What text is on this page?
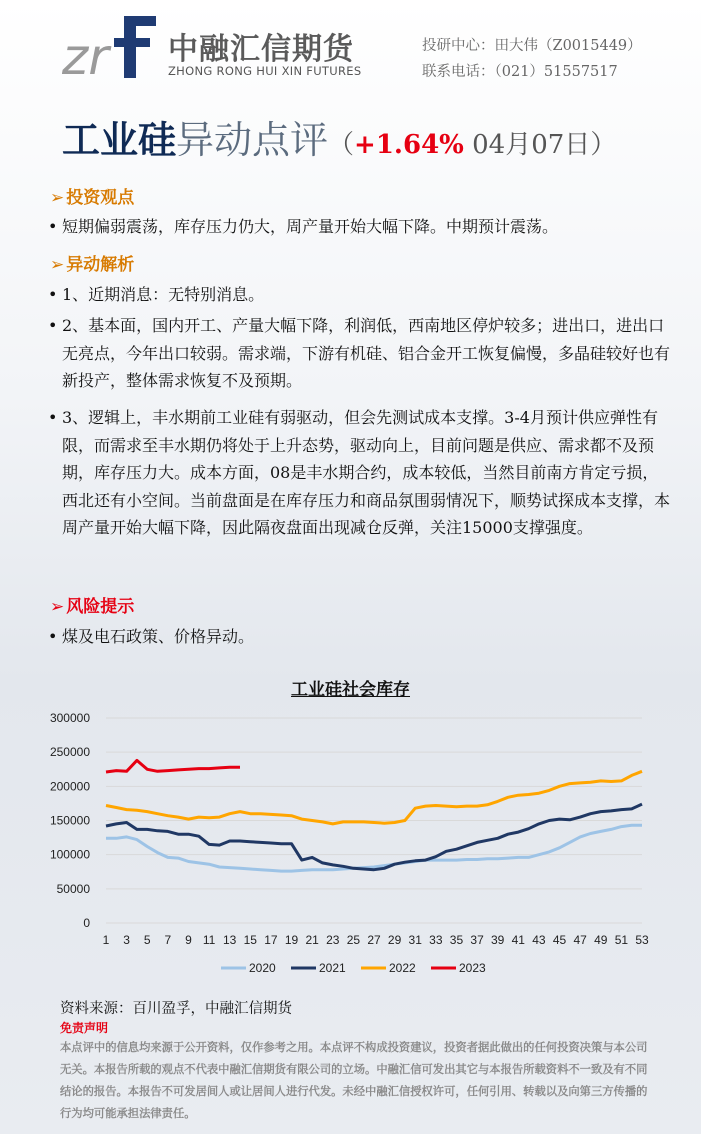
zr 中融汇信期货
ZHONG RONG HUI XIN FUTURES
投研中心：田大伟（Z0015449）
联系电话：（021）51557517
工业硅异动点评（+1.64% 04月07日）
➢ 投资观点
• 短期偏弱震荡，库存压力仍大，周产量开始大幅下降。中期预计震荡。
➢ 异动解析
• 1、近期消息：无特别消息。
• 2、基本面，国内开工、产量大幅下降，利润低，西南地区停炉较多；进出口，进出口无亮点，今年出口较弱。需求端，下游有机硅、铝合金开工恢复偏慢，多晶硅较好也有新投产，整体需求恢复不及预期。
• 3、逻辑上，丰水期前工业硅有弱驱动，但会先测试成本支撑。3-4月预计供应弹性有限，而需求至丰水期仍将处于上升态势，驱动向上，目前问题是供应、需求都不及预期，库存压力大。成本方面，08是丰水期合约，成本较低，当然目前南方肯定亏损，西北还有小空间。当前盘面是在库存压力和商品氛围弱情况下，顺势试探成本支撑，本周产量开始大幅下降，因此隔夜盘面出现减仓反弹，关注15000支撑强度。
➢ 风险提示
• 煤及电石政策、价格异动。
工业硅社会库存
0
50000
100000
150000
200000
250000
300000
1 3 5 7 9 11 13 15 17 19 21 23 25 27 29 31 33 35 37 39 41 43 45 47 49 51 53
2020	2021	2022	2023
资料来源：百川盈孚，中融汇信期货
免责声明
本点评中的信息均来源于公开资料，仅作参考之用。本点评不构成投资建议，投资者据此做出的任何投资决策与本公司无关。本报告所载的观点不代表中融汇信期货有限公司的立场。中融汇信可发出其它与本报告所载资料不一致及有不同结论的报告。本报告不可发居间人或让居间人进行代发。未经中融汇信授权许可，任何引用、转载以及向第三方传播的行为均可能承担法律责任。
